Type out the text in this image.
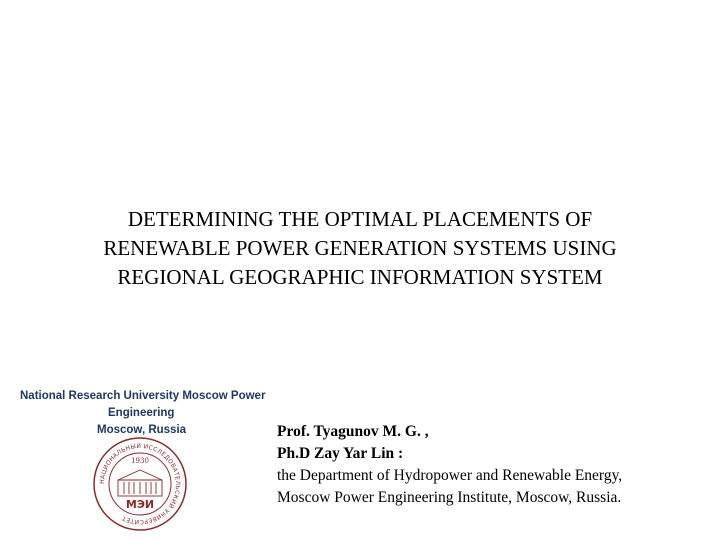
DETERMINING THE OPTIMAL PLACEMENTS OF
RENEWABLE POWER GENERATION SYSTEMS USING
REGIONAL GEOGRAPHIC INFORMATION SYSTEM
National Research University Moscow Power
Engineering
Moscow, Russia
НАЦИОНАЛЬНЫЙ ИССЛЕДОВАТЕЛЬСКИЙ УНИВЕРСИТЕТ
1930
МЭИ
Prof. Tyagunov M. G. ,
Ph.D Zay Yar Lin :
the Department of Hydropower and Renewable Energy,
Moscow Power Engineering Institute, Moscow, Russia.
